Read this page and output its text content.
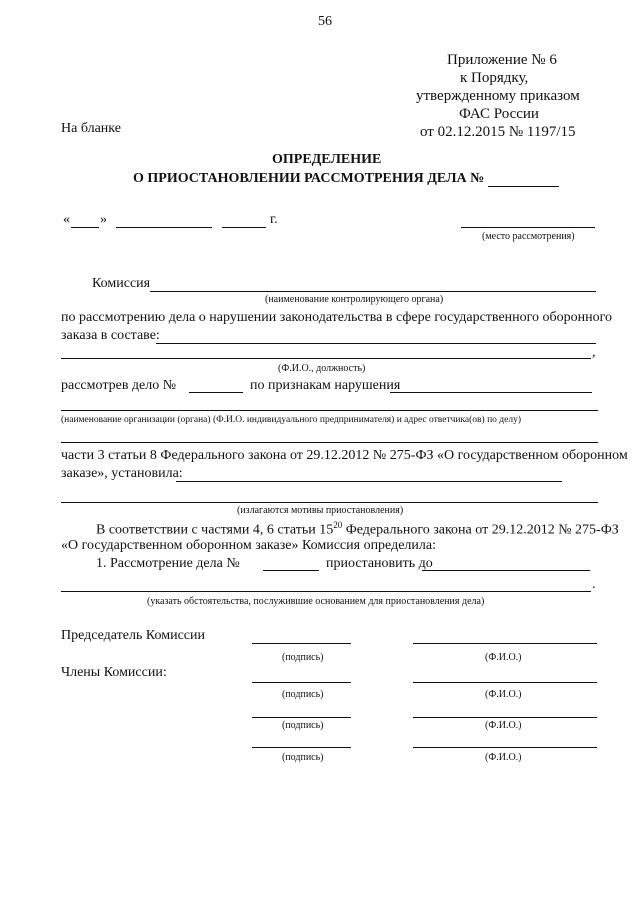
56
Приложение № 6
к Порядку,
утвержденному приказом
ФАС России
от 02.12.2015 № 1197/15
На бланке
ОПРЕДЕЛЕНИЕ
О ПРИОСТАНОВЛЕНИИ РАССМОТРЕНИЯ ДЕЛА №
« »	г.
(место рассмотрения)
Комиссия
(наименование контролирующего органа)
по рассмотрению дела о нарушении законодательства в сфере государственного оборонного
заказа в составе:
,
(Ф.И.О., должность)
рассмотрев дело №	по признакам нарушения
(наименование организации (органа) (Ф.И.О. индивидуального предпринимателя) и адрес ответчика(ов) по делу)
части 3 статьи 8 Федерального закона от 29.12.2012 № 275-ФЗ «О государственном оборонном
заказе», установила:
(излагаются мотивы приостановления)
В соответствии с частями 4, 6 статьи $15^{20}$ Федерального закона от 29.12.2012 № 275-ФЗ
«О государственном оборонном заказе» Комиссия определила:
1. Рассмотрение дела №	приостановить до
.
(указать обстоятельства, послужившие основанием для приостановления дела)
Председатель Комиссии
Члены Комиссии:
(подпись)	(Ф.И.О.)
(подпись)	(Ф.И.О.)
(подпись)	(Ф.И.О.)
(подпись)	(Ф.И.О.)
